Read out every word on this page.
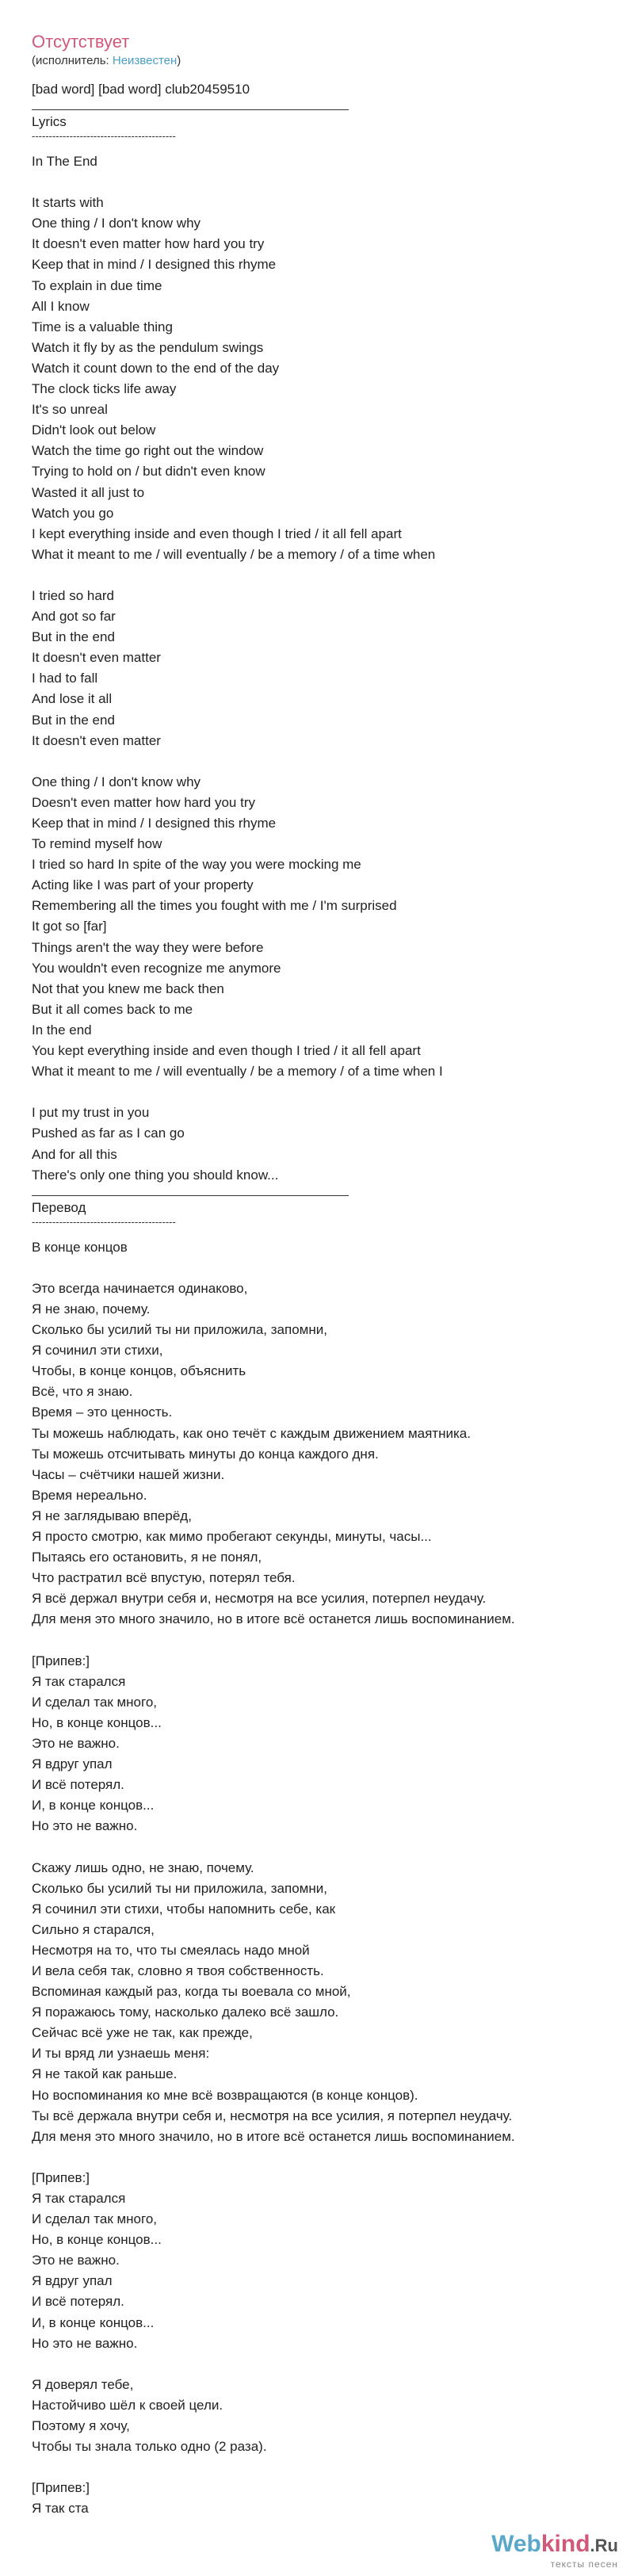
Отсутствует
(исполнитель: Неизвестен)
[bad word] [bad word] club20459510
Lyrics
------------------------------------------
In The End
It starts with
One thing / I don't know why
It doesn't even matter how hard you try
Keep that in mind / I designed this rhyme
To explain in due time
All I know
Time is a valuable thing
Watch it fly by as the pendulum swings
Watch it count down to the end of the day
The clock ticks life away
It's so unreal
Didn't look out below
Watch the time go right out the window
Trying to hold on / but didn't even know
Wasted it all just to
Watch you go
I kept everything inside and even though I tried / it all fell apart
What it meant to me / will eventually / be a memory / of a time when
I tried so hard
And got so far
But in the end
It doesn't even matter
I had to fall
And lose it all
But in the end
It doesn't even matter
One thing / I don't know why
Doesn't even matter how hard you try
Keep that in mind / I designed this rhyme
To remind myself how
I tried so hard In spite of the way you were mocking me
Acting like I was part of your property
Remembering all the times you fought with me / I'm surprised
It got so [far]
Things aren't the way they were before
You wouldn't even recognize me anymore
Not that you knew me back then
But it all comes back to me
In the end
You kept everything inside and even though I tried / it all fell apart
What it meant to me / will eventually / be a memory / of a time when I
I put my trust in you
Pushed as far as I can go
And for all this
There's only one thing you should know...
Перевод
------------------------------------------
В конце концов
Это всегда начинается одинаково,
Я не знаю, почему.
Сколько бы усилий ты ни приложила, запомни,
Я сочинил эти стихи,
Чтобы, в конце концов, объяснить
Всё, что я знаю.
Время – это ценность.
Ты можешь наблюдать, как оно течёт с каждым движением маятника.
Ты можешь отсчитывать минуты до конца каждого дня.
Часы – счётчики нашей жизни.
Время нереально.
Я не заглядываю вперёд,
Я просто смотрю, как мимо пробегают секунды, минуты, часы...
Пытаясь его остановить, я не понял,
Что растратил всё впустую, потерял тебя.
Я всё держал внутри себя и, несмотря на все усилия, потерпел неудачу.
Для меня это много значило, но в итоге всё останется лишь воспоминанием.
[Припев:]
Я так старался
И сделал так много,
Но, в конце концов...
Это не важно.
Я вдруг упал
И всё потерял.
И, в конце концов...
Но это не важно.
Скажу лишь одно, не знаю, почему.
Сколько бы усилий ты ни приложила, запомни,
Я сочинил эти стихи, чтобы напомнить себе, как
Сильно я старался,
Несмотря на то, что ты смеялась надо мной
И вела себя так, словно я твоя собственность.
Вспоминая каждый раз, когда ты воевала со мной,
Я поражаюсь тому, насколько далеко всё зашло.
Сейчас всё уже не так, как прежде,
И ты вряд ли узнаешь меня:
Я не такой как раньше.
Но воспоминания ко мне всё возвращаются (в конце концов).
Ты всё держала внутри себя и, несмотря на все усилия, я потерпел неудачу.
Для меня это много значило, но в итоге всё останется лишь воспоминанием.
[Припев:]
Я так старался
И сделал так много,
Но, в конце концов...
Это не важно.
Я вдруг упал
И всё потерял.
И, в конце концов...
Но это не важно.
Я доверял тебе,
Настойчиво шёл к своей цели.
Поэтому я хочу,
Чтобы ты знала только одно (2 раза).
[Припев:]
Я так ста
Webkind.Ru
тексты песен
